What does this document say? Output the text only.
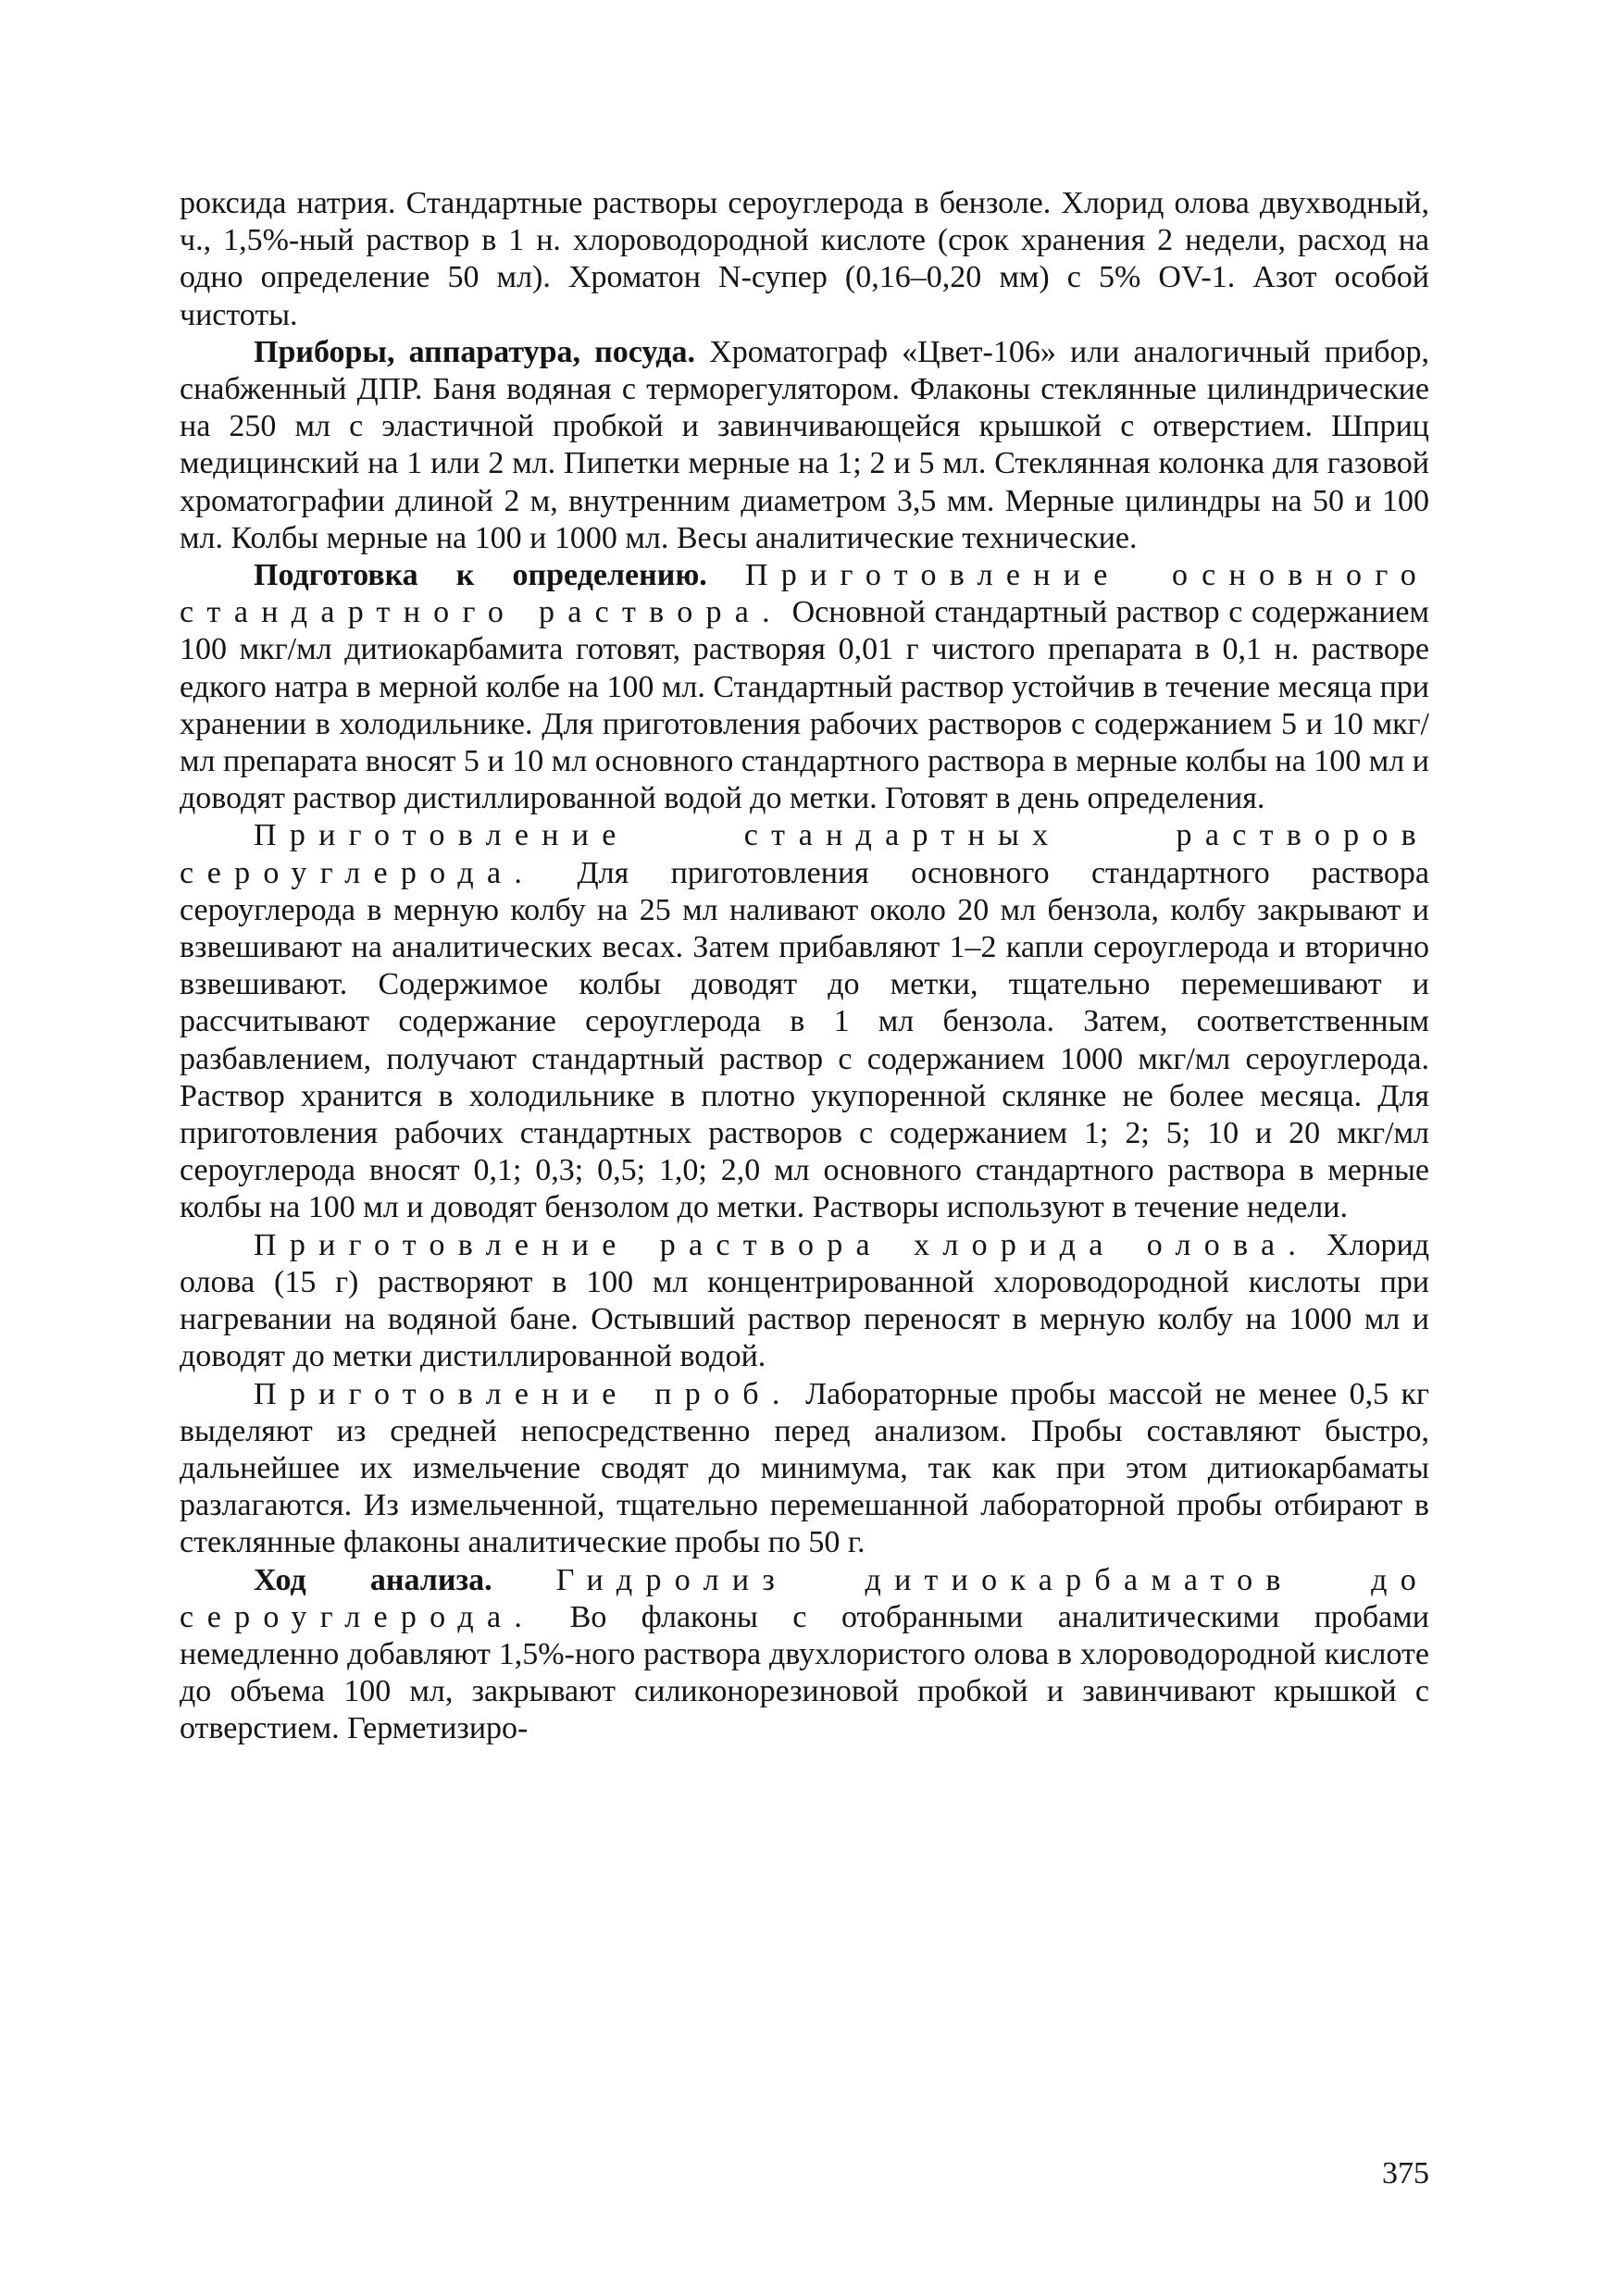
роксида натрия. Стандартные растворы сероуглерода в бензоле. Хлорид олова двухводный, ч., 1,5%-ный раствор в 1 н. хлороводородной кислоте (срок хранения 2 недели, расход на одно определение 50 мл). Хроматон N-супер (0,16–0,20 мм) с 5% OV-1. Азот особой чистоты.

Приборы, аппаратура, посуда. Хроматограф «Цвет-106» или аналогичный прибор, снабженный ДПР. Баня водяная с терморегулятором. Флаконы стеклянные цилиндрические на 250 мл с эластичной пробкой и завинчивающейся крышкой с отверстием. Шприц медицинский на 1 или 2 мл. Пипетки мерные на 1; 2 и 5 мл. Стеклянная колонка для газовой хроматографии длиной 2 м, внутренним диаметром 3,5 мм. Мерные цилиндры на 50 и 100 мл. Колбы мерные на 100 и 1000 мл. Весы аналитические технические.

Подготовка к определению. Приготовление основного стандартного раствора. Основной стандартный раствор с содержанием 100 мкг/мл дитиокарбамита готовят, растворяя 0,01 г чистого препарата в 0,1 н. растворе едкого натра в мерной колбе на 100 мл. Стандартный раствор устойчив в течение месяца при хранении в холодильнике. Для приготовления рабочих растворов с содержанием 5 и 10 мкг/мл препарата вносят 5 и 10 мл основного стандартного раствора в мерные колбы на 100 мл и доводят раствор дистиллированной водой до метки. Готовят в день определения.

Приготовление стандартных растворов сероуглерода. Для приготовления основного стандартного раствора сероуглерода в мерную колбу на 25 мл наливают около 20 мл бензола, колбу закрывают и взвешивают на аналитических весах. Затем прибавляют 1–2 капли сероуглерода и вторично взвешивают. Содержимое колбы доводят до метки, тщательно перемешивают и рассчитывают содержание сероуглерода в 1 мл бензола. Затем, соответственным разбавлением, получают стандартный раствор с содержанием 1000 мкг/мл сероуглерода. Раствор хранится в холодильнике в плотно укупоренной склянке не более месяца. Для приготовления рабочих стандартных растворов с содержанием 1; 2; 5; 10 и 20 мкг/мл сероуглерода вносят 0,1; 0,3; 0,5; 1,0; 2,0 мл основного стандартного раствора в мерные колбы на 100 мл и доводят бензолом до метки. Растворы используют в течение недели.

Приготовление раствора хлорида олова. Хлорид олова (15 г) растворяют в 100 мл концентрированной хлороводородной кислоты при нагревании на водяной бане. Остывший раствор переносят в мерную колбу на 1000 мл и доводят до метки дистиллированной водой.

Приготовление проб. Лабораторные пробы массой не менее 0,5 кг выделяют из средней непосредственно перед анализом. Пробы составляют быстро, дальнейшее их измельчение сводят до минимума, так как при этом дитиокарбаматы разлагаются. Из измельченной, тщательно перемешанной лабораторной пробы отбирают в стеклянные флаконы аналитические пробы по 50 г.

Ход анализа. Гидролиз дитиокарбаматов до сероуглерода. Во флаконы с отобранными аналитическими пробами немедленно добавляют 1,5%-ного раствора двухлористого олова в хлороводородной кислоте до объема 100 мл, закрывают силиконорезиновой пробкой и завинчивают крышкой с отверстием. Герметизиро-

375
